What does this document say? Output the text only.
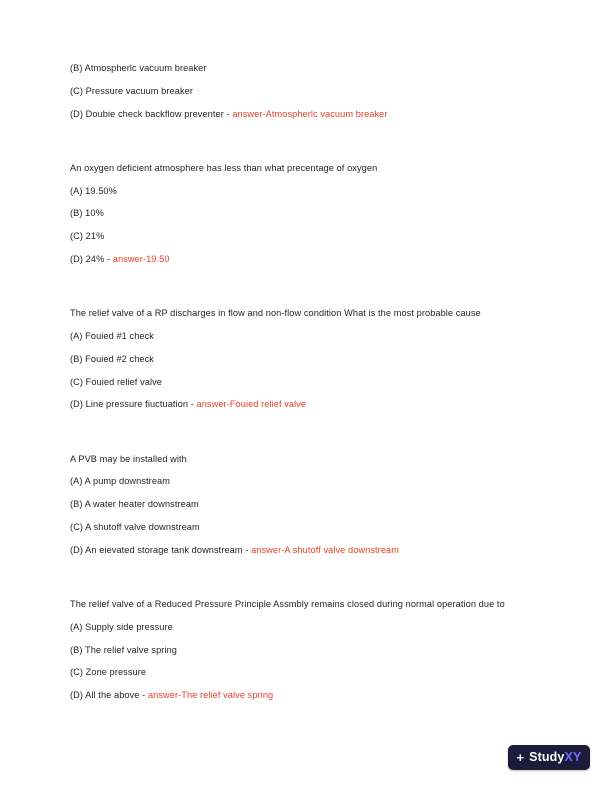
(B) Atmospherlc vacuum breaker

(C) Pressure vacuum breaker

(D) Doubie check backflow preventer - answer-Atmospherlc vacuum breaker

An oxygen deficient atmosphere has less than what precentage of oxygen

(A) 19.50%

(B) 10%

(C) 21%

(D) 24% - answer-19.50

The relief valve of a RP discharges in flow and non-flow condition What is the most probable cause

(A) Fouied #1 check

(B) Fouied #2 check

(C) Fouied relief valve

(D) Line pressure fiuctuation - answer-Fouied relief valve

A PVB may be installed with

(A) A pump downstream

(B) A water heater downstream

(C) A shutoff valve downstream

(D) An eievated storage tank downstream - answer-A shutoff valve downstream

The relief valve of a Reduced Pressure Principle Assmbly remains closed during normal operation due to

(A) Supply side pressure

(B) The relief valve spring

(C) Zone pressure

(D) All the above - answer-The relief valve spring

+ StudyXY
